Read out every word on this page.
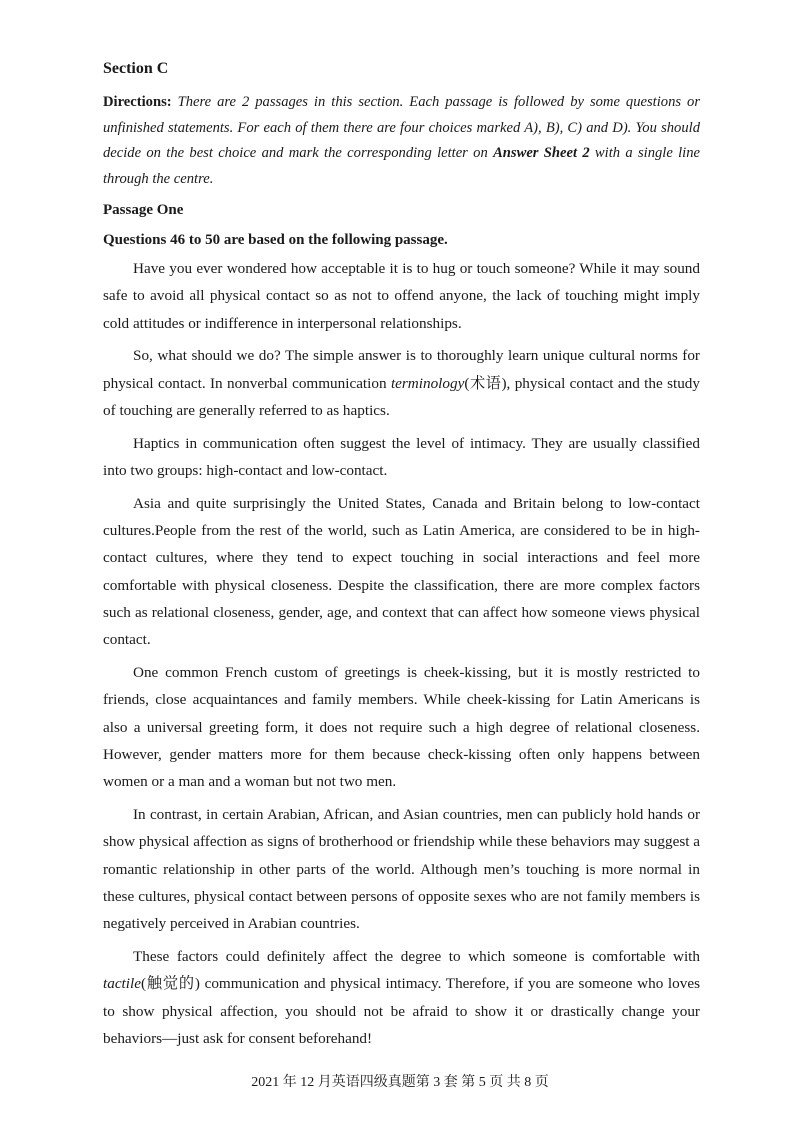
Section C
Directions: There are 2 passages in this section. Each passage is followed by some questions or unfinished statements. For each of them there are four choices marked A), B), C) and D). You should decide on the best choice and mark the corresponding letter on Answer Sheet 2 with a single line through the centre.
Passage One
Questions 46 to 50 are based on the following passage.

Have you ever wondered how acceptable it is to hug or touch someone? While it may sound safe to avoid all physical contact so as not to offend anyone, the lack of touching might imply cold attitudes or indifference in interpersonal relationships.

So, what should we do? The simple answer is to thoroughly learn unique cultural norms for physical contact. In nonverbal communication terminology(术语), physical contact and the study of touching are generally referred to as haptics.

Haptics in communication often suggest the level of intimacy. They are usually classified into two groups: high-contact and low-contact.

Asia and quite surprisingly the United States, Canada and Britain belong to low-contact cultures.People from the rest of the world, such as Latin America, are considered to be in high-contact cultures, where they tend to expect touching in social interactions and feel more comfortable with physical closeness. Despite the classification, there are more complex factors such as relational closeness, gender, age, and context that can affect how someone views physical contact.

One common French custom of greetings is cheek-kissing, but it is mostly restricted to friends, close acquaintances and family members. While cheek-kissing for Latin Americans is also a universal greeting form, it does not require such a high degree of relational closeness. However, gender matters more for them because check-kissing often only happens between women or a man and a woman but not two men.

In contrast, in certain Arabian, African, and Asian countries, men can publicly hold hands or show physical affection as signs of brotherhood or friendship while these behaviors may suggest a romantic relationship in other parts of the world. Although men’s touching is more normal in these cultures, physical contact between persons of opposite sexes who are not family members is negatively perceived in Arabian countries.

These factors could definitely affect the degree to which someone is comfortable with tactile(触觉的) communication and physical intimacy. Therefore, if you are someone who loves to show physical affection, you should not be afraid to show it or drastically change your behaviors—just ask for consent beforehand!

2021 年 12 月英语四级真题第 3 套 第 5 页 共 8 页
